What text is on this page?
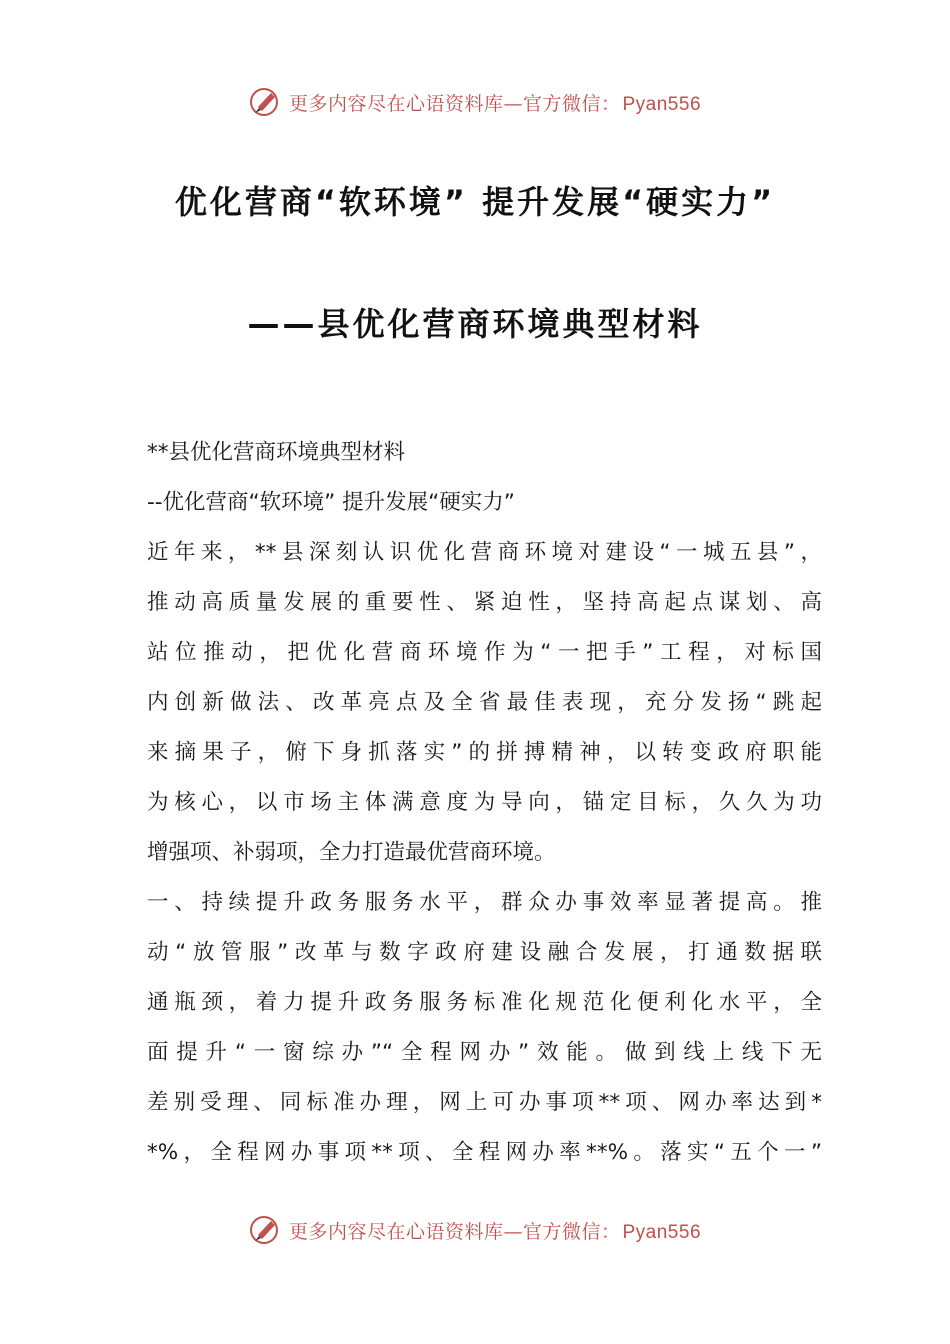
更多内容尽在心语资料库—官方微信： Pyan556
优化营商“软环境” 提升发展“硬实力”
——县优化营商环境典型材料
**县优化营商环境典型材料
--优化营商“软环境” 提升发展“硬实力”
近年来，**县深刻认识优化营商环境对建设“一城五县”，
推动高质量发展的重要性、紧迫性，坚持高起点谋划、高
站位推动，把优化营商环境作为“一把手”工程，对标国
内创新做法、改革亮点及全省最佳表现，充分发扬“跳起
来摘果子，俯下身抓落实”的拼搏精神，以转变政府职能
为核心，以市场主体满意度为导向，锚定目标，久久为功
增强项、补弱项，全力打造最优营商环境。
一、持续提升政务服务水平，群众办事效率显著提高。推
动“放管服”改革与数字政府建设融合发展，打通数据联
通瓶颈，着力提升政务服务标准化规范化便利化水平，全
面提升“一窗综办”“全程网办”效能。做到线上线下无
差别受理、同标准办理，网上可办事项**项、网办率达到*
*%，全程网办事项**项、全程网办率**%。落实“五个一”
更多内容尽在心语资料库—官方微信： Pyan556
